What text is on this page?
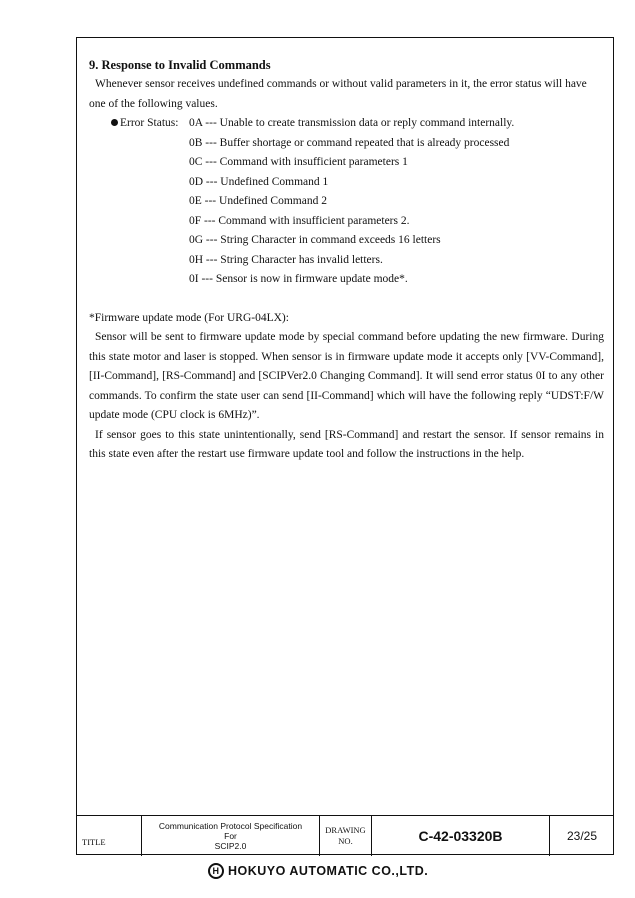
9. Response to Invalid Commands

Whenever sensor receives undefined commands or without valid parameters in it, the error status will have one of the following values.

Error Status: 0A --- Unable to create transmission data or reply command internally.
0B --- Buffer shortage or command repeated that is already processed
0C --- Command with insufficient parameters 1
0D --- Undefined Command 1
0E --- Undefined Command 2
0F --- Command with insufficient parameters 2.
0G --- String Character in command exceeds 16 letters
0H --- String Character has invalid letters.
0I --- Sensor is now in firmware update mode*.

*Firmware update mode (For URG-04LX):

Sensor will be sent to firmware update mode by special command before updating the new firmware. During this state motor and laser is stopped. When sensor is in firmware update mode it accepts only [VV-Command], [II-Command], [RS-Command] and [SCIPVer2.0 Changing Command]. It will send error status 0I to any other commands. To confirm the state user can send [II-Command] which will have the following reply “UDST:F/W update mode (CPU clock is 6MHz)”.

If sensor goes to this state unintentionally, send [RS-Command] and restart the sensor. If sensor remains in this state even after the restart use firmware update tool and follow the instructions in the help.

TITLE
Communication Protocol Specification
For
SCIP2.0
DRAWING
NO.	C-42-03320B	23/25
H HOKUYO AUTOMATIC CO.,LTD.
